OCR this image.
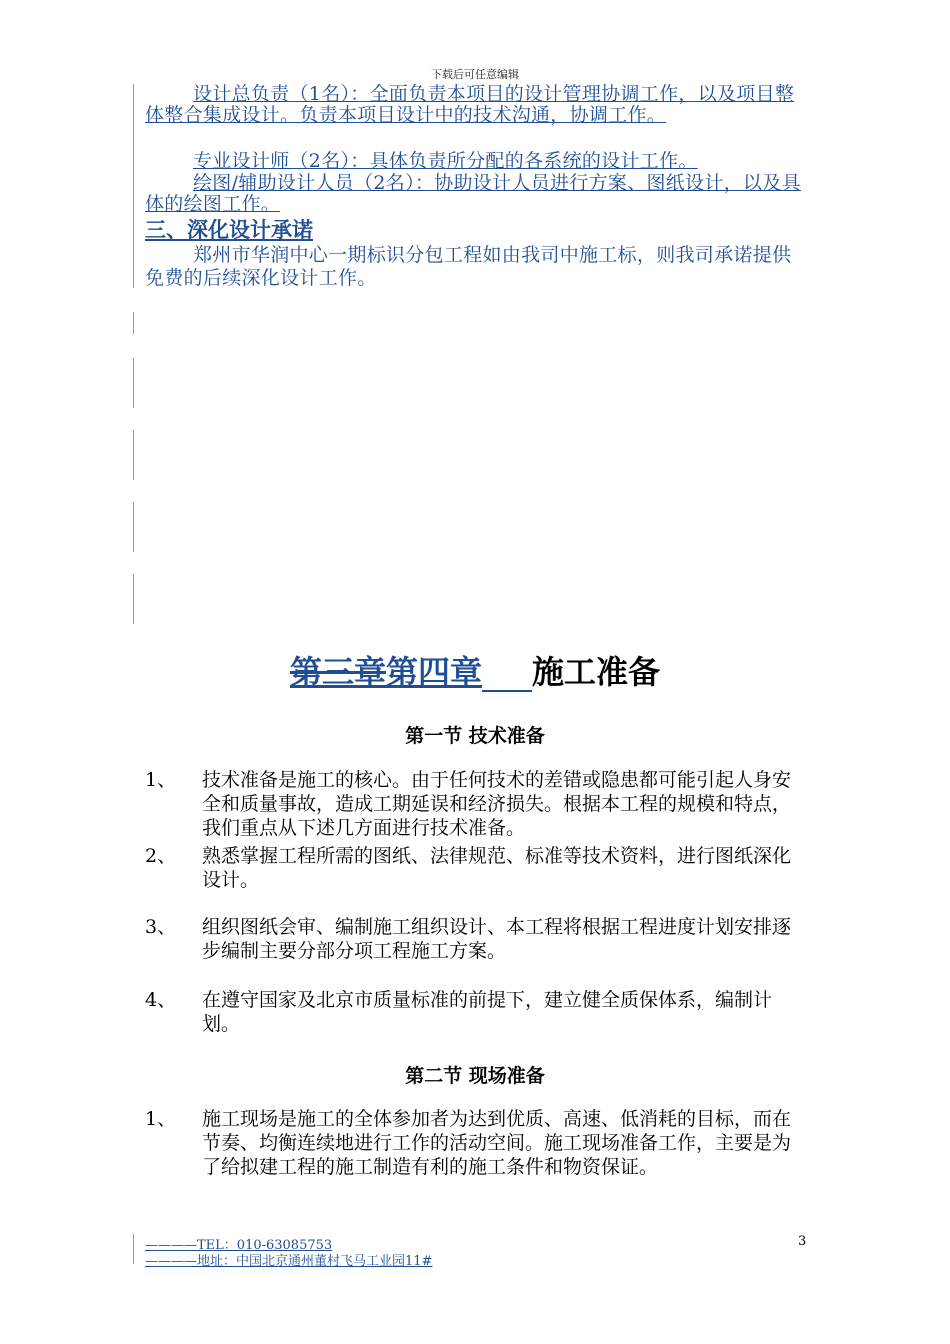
下载后可任意编辑
设计总负责（1名）：全面负责本项目的设计管理协调工作，以及项目整体整合集成设计。负责本项目设计中的技术沟通，协调工作。
专业设计师（2名）：具体负责所分配的各系统的设计工作。
绘图/辅助设计人员（2名）：协助设计人员进行方案、图纸设计，以及具体的绘图工作。
三、深化设计承诺
郑州市华润中心一期标识分包工程如由我司中施工标，则我司承诺提供免费的后续深化设计工作。
第三章第四章 施工准备
第一节 技术准备
1、	技术准备是施工的核心。由于任何技术的差错或隐患都可能引起人身安全和质量事故，造成工期延误和经济损失。根据本工程的规模和特点，我们重点从下述几方面进行技术准备。
2、	熟悉掌握工程所需的图纸、法律规范、标准等技术资料，进行图纸深化设计。
3、	组织图纸会审、编制施工组织设计、本工程将根据工程进度计划安排逐步编制主要分部分项工程施工方案。
4、	在遵守国家及北京市质量标准的前提下，建立健全质保体系，编制计划。
第二节 现场准备
1、	施工现场是施工的全体参加者为达到优质、高速、低消耗的目标，而在节奏、均衡连续地进行工作的活动空间。施工现场准备工作，主要是为了给拟建工程的施工制造有利的施工条件和物资保证。
————TEL：010-63085753
————地址：中国北京通州董村飞马工业园11#
3
